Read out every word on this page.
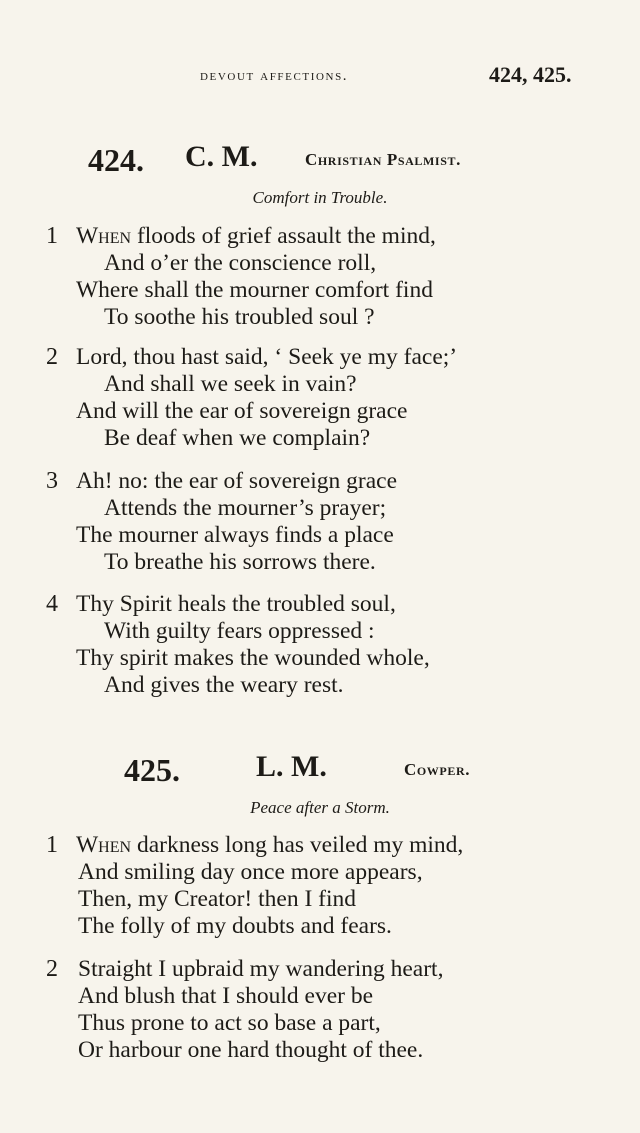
devout affections.	424, 425.
424. C. M.	Christian Psalmist.
Comfort in Trouble.
1 When floods of grief assault the mind,
And o’er the conscience roll,
Where shall the mourner comfort find
To soothe his troubled soul ?
2 Lord, thou hast said, ‘ Seek ye my face;’
And shall we seek in vain?
And will the ear of sovereign grace
Be deaf when we complain?
3 Ah! no: the ear of sovereign grace
Attends the mourner’s prayer;
The mourner always finds a place
To breathe his sorrows there.
4 Thy Spirit heals the troubled soul,
With guilty fears oppressed :
Thy spirit makes the wounded whole,
And gives the weary rest.
425.	L. M.	Cowper.
Peace after a Storm.
1 When darkness long has veiled my mind,
And smiling day once more appears,
Then, my Creator! then I find
The folly of my doubts and fears.
2 Straight I upbraid my wandering heart,
And blush that I should ever be
Thus prone to act so base a part,
Or harbour one hard thought of thee.
